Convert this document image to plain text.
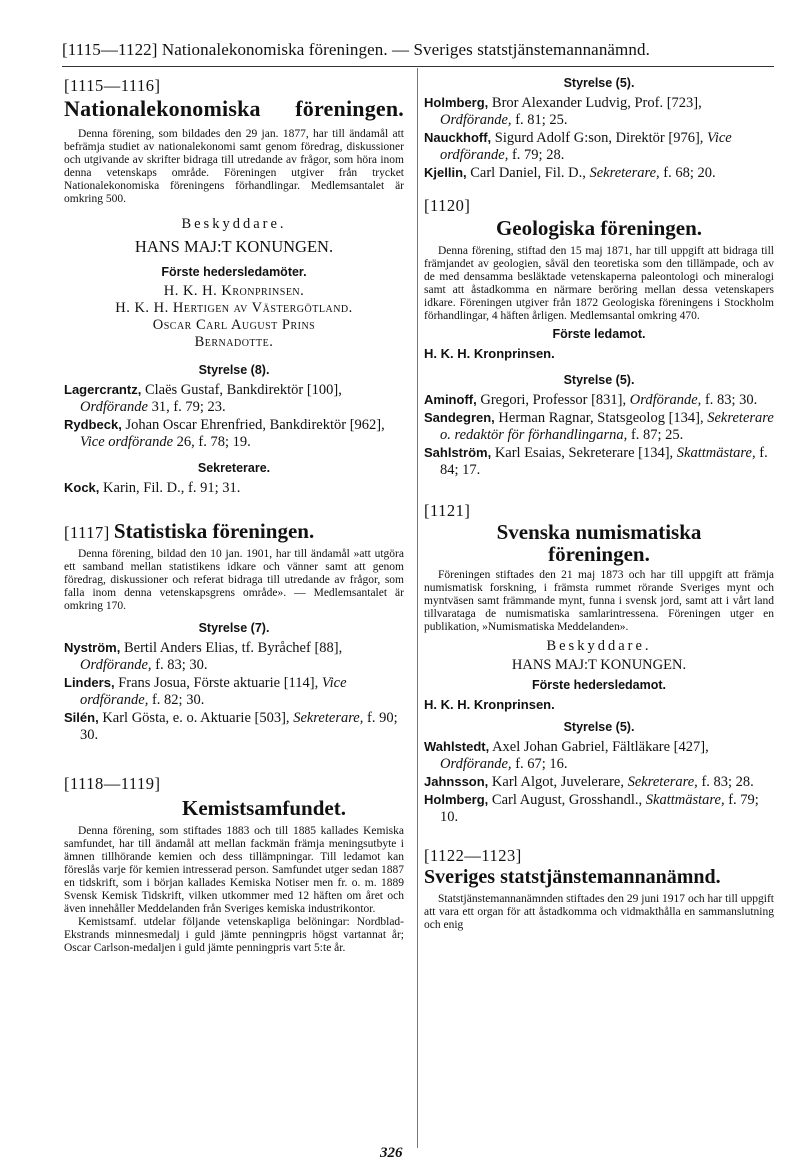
[1115—1122] Nationalekonomiska föreningen. — Sveriges statstjänstemannanämnd.
[1115—1116]
Nationalekonomiska föreningen.

Denna förening, som bildades den 29 jan. 1877, har till ändamål att befrämja studiet av nationalekonomi samt genom föredrag, diskussioner och utgivande av skrifter bidraga till utredande av frågor, som höra inom denna vetenskaps område. Föreningen utgiver från trycket Nationalekonomiska föreningens förhandlingar. Medlemsantalet är omkring 500.

Beskyddare.
HANS MAJ:T KONUNGEN.
Förste hedersledamöter.
H. K. H. Kronprinsen.
H. K. H. Hertigen av Västergötland.
Oscar Carl August Prins
Bernadotte.
Styrelse (8).
Lagercrantz, Claës Gustaf, Bankdirektör [100], Ordförande 31, f. 79; 23.
Rydbeck, Johan Oscar Ehrenfried, Bankdirektör [962], Vice ordförande 26, f. 78; 19.
Sekreterare.
Kock, Karin, Fil. D., f. 91; 31.
[1117] Statistiska föreningen.

Denna förening, bildad den 10 jan. 1901, har till ändamål »att utgöra ett samband mellan statistikens idkare och vänner samt att genom föredrag, diskussioner och referat bidraga till utredande av frågor, som falla inom denna vetenskapsgrens område». — Medlemsantalet är omkring 170.

Styrelse (7).
Nyström, Bertil Anders Elias, tf. Byråchef [88], Ordförande, f. 83; 30.
Linders, Frans Josua, Förste aktuarie [114], Vice ordförande, f. 82; 30.
Silén, Karl Gösta, e. o. Aktuarie [503], Sekreterare, f. 90; 30.
[1118—1119]
Kemistsamfundet.

Denna förening, som stiftades 1883 och till 1885 kallades Kemiska samfundet, har till ändamål att mellan fackmän främja meningsutbyte i ämnen tillhörande kemien och dess tillämpningar. Till ledamot kan föreslås varje för kemien intresserad person. Samfundet utger sedan 1887 en tidskrift, som i början kallades Kemiska Notiser men fr. o. m. 1889 Svensk Kemisk Tidskrift, vilken utkommer med 12 häften om året och även innehåller Meddelanden från Sveriges kemiska industrikontor.

Kemistsamf. utdelar följande vetenskapliga belöningar: Nordblad-Ekstrands minnesmedalj i guld jämte penningpris högst vartannat år; Oscar Carlson-medaljen i guld jämte penningpris vart 5:te år.

Styrelse (5).
Holmberg, Bror Alexander Ludvig, Prof. [723], Ordförande, f. 81; 25.
Nauckhoff, Sigurd Adolf G:son, Direktör [976], Vice ordförande, f. 79; 28.
Kjellin, Carl Daniel, Fil. D., Sekreterare, f. 68; 20.
[1120]
Geologiska föreningen.

Denna förening, stiftad den 15 maj 1871, har till uppgift att bidraga till främjandet av geologien, såväl den teoretiska som den tillämpade, och av de med densamma besläktade vetenskaperna paleontologi och mineralogi samt att åstadkomma en närmare beröring mellan dessa vetenskapers idkare. Föreningen utgiver från 1872 Geologiska föreningens i Stockholm förhandlingar, 4 häften årligen. Medlemsantal omkring 470.

Förste ledamot.
H. K. H. Kronprinsen.
Styrelse (5).
Aminoff, Gregori, Professor [831], Ordförande, f. 83; 30.
Sandegren, Herman Ragnar, Statsgeolog [134], Sekreterare o. redaktör för förhandlingarna, f. 87; 25.
Sahlström, Karl Esaias, Sekreterare [134], Skattmästare, f. 84; 17.
[1121]
Svenska numismatiska
föreningen.

Föreningen stiftades den 21 maj 1873 och har till uppgift att främja numismatisk forskning, i främsta rummet rörande Sveriges mynt och myntväsen samt främmande mynt, funna i svensk jord, samt att i vårt land tillvarataga de numismatiska samlarintressena. Föreningen utger en publikation, »Numismatiska Meddelanden».

Beskyddare.
HANS MAJ:T KONUNGEN.
Förste hedersledamot.
H. K. H. Kronprinsen.
Styrelse (5).
Wahlstedt, Axel Johan Gabriel, Fältläkare [427], Ordförande, f. 67; 16.
Jahnsson, Karl Algot, Juvelerare, Sekreterare, f. 83; 28.
Holmberg, Carl August, Grosshandl., Skattmästare, f. 79; 10.
[1122—1123]
Sveriges statstjänstemannanämnd.

Statstjänstemannanämnden stiftades den 29 juni 1917 och har till uppgift att vara ett organ för att åstadkomma och vidmakthålla en sammanslutning och enig

326
